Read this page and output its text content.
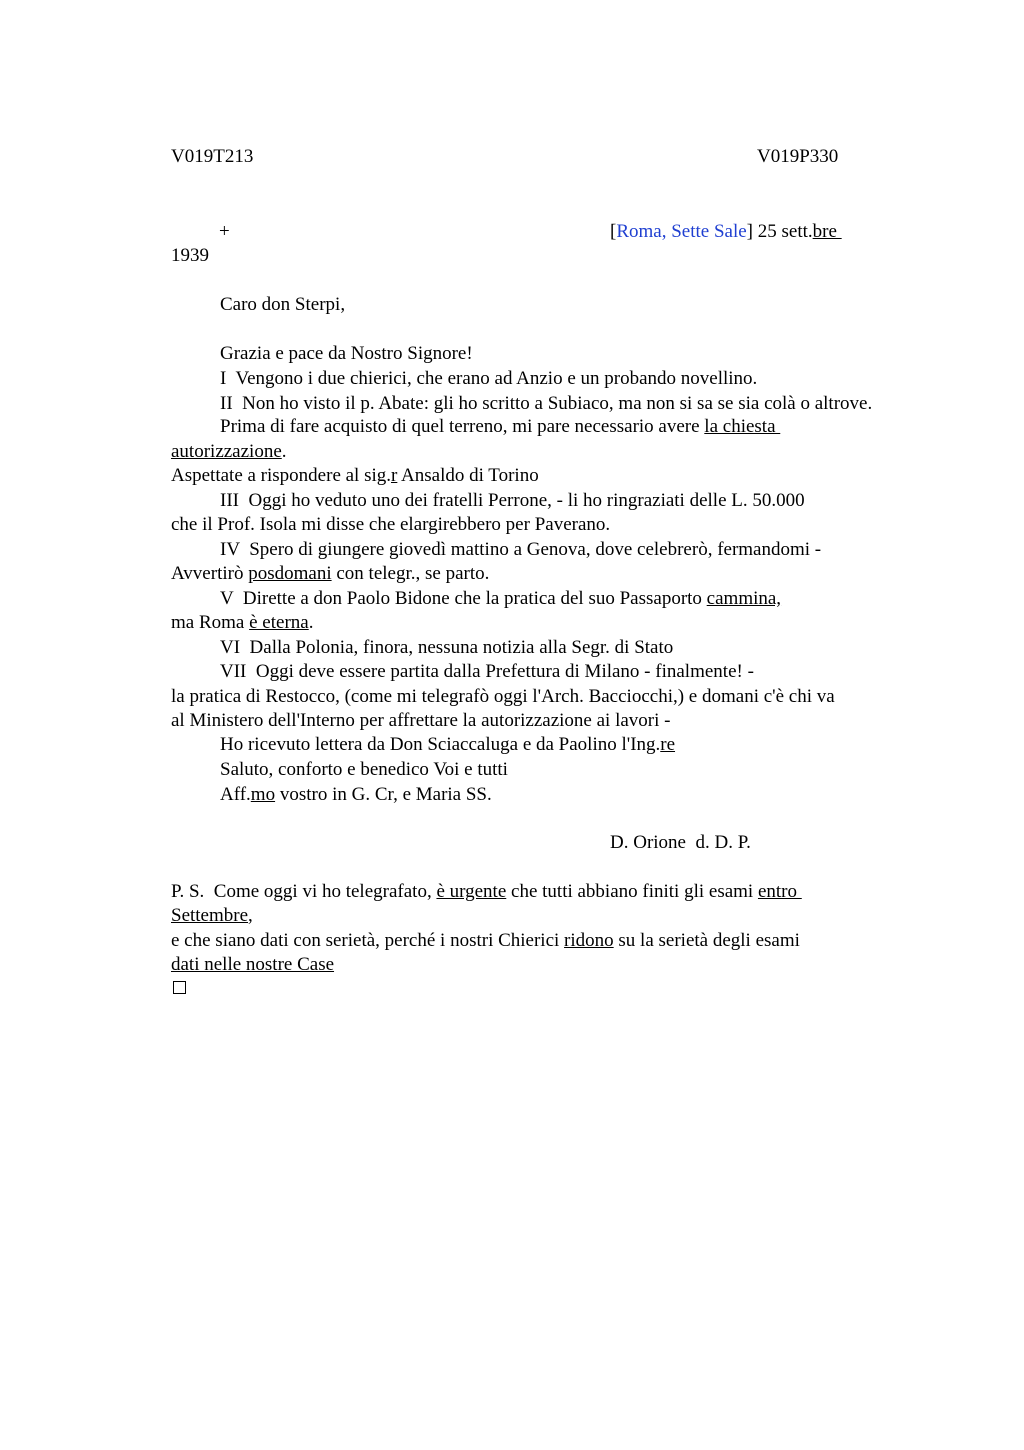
V019T213	V019P330
+	[Roma, Sette Sale] 25 sett.bre
1939
Caro don Sterpi,
Grazia e pace da Nostro Signore!
I  Vengono i due chierici, che erano ad Anzio e un probando novellino.
II  Non ho visto il p. Abate: gli ho scritto a Subiaco, ma non si sa se sia colà o altrove.
Prima di fare acquisto di quel terreno, mi pare necessario avere la chiesta
autorizzazione.
Aspettate a rispondere al sig.r Ansaldo di Torino
III  Oggi ho veduto uno dei fratelli Perrone, - li ho ringraziati delle L. 50.000
che il Prof. Isola mi disse che elargirebbero per Paverano.
IV  Spero di giungere giovedì mattino a Genova, dove celebrerò, fermandomi -
Avvertirò posdomani con telegr., se parto.
V  Dirette a don Paolo Bidone che la pratica del suo Passaporto cammina,
ma Roma è eterna.
VI  Dalla Polonia, finora, nessuna notizia alla Segr. di Stato
VII  Oggi deve essere partita dalla Prefettura di Milano - finalmente! -
la pratica di Restocco, (come mi telegrafò oggi l'Arch. Bacciocchi,) e domani c'è chi va
al Ministero dell'Interno per affrettare la autorizzazione ai lavori -
Ho ricevuto lettera da Don Sciaccaluga e da Paolino l'Ing.re
Saluto, conforto e benedico Voi e tutti
Aff.mo vostro in G. Cr, e Maria SS.
D. Orione  d. D. P.
P. S.  Come oggi vi ho telegrafato, è urgente che tutti abbiano finiti gli esami entro
Settembre,
e che siano dati con serietà, perché i nostri Chierici ridono su la serietà degli esami
dati nelle nostre Case
